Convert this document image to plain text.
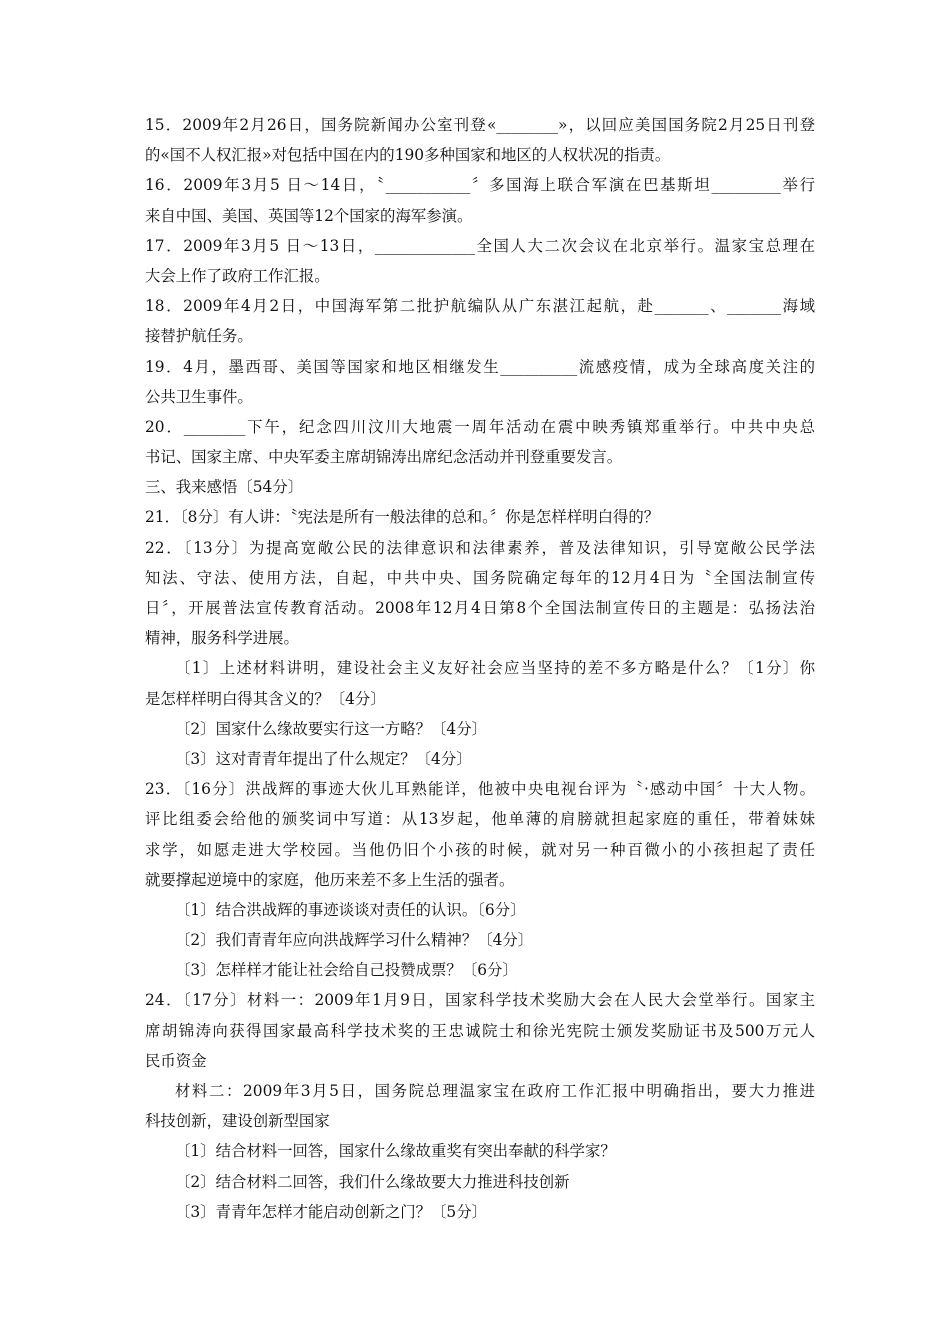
15．2009年2月26日，国务院新闻办公室刊登«________»，以回应美国国务院2月25日刊登
的«国不人权汇报»对包括中国在内的190多种国家和地区的人权状况的指责。
16．2009年3月5 日～14日，〝___________〞多国海上联合军演在巴基斯坦_________举行
来自中国、美国、英国等12个国家的海军参演。
17．2009年3月5 日～13日，_____________全国人大二次会议在北京举行。温家宝总理在
大会上作了政府工作汇报。
18．2009年4月2日，中国海军第二批护航编队从广东湛江起航，赴_______、_______海域
接替护航任务。
19．4月，墨西哥、美国等国家和地区相继发生__________流感疫情，成为全球高度关注的
公共卫生事件。
20．________下午，纪念四川汶川大地震一周年活动在震中映秀镇郑重举行。中共中央总
书记、国家主席、中央军委主席胡锦涛出席纪念活动并刊登重要发言。
三、我来感悟〔54分〕
21．〔8分〕有人讲：〝宪法是所有一般法律的总和。〞你是怎样样明白得的？
22．〔13分〕为提高宽敞公民的法律意识和法律素养，普及法律知识，引导宽敞公民学法
知法、守法、使用方法，自起，中共中央、国务院确定每年的12月4日为〝全国法制宣传
日〞，开展普法宣传教育活动。2008年12月4日第8个全国法制宣传日的主题是：弘扬法治
精神，服务科学进展。
〔1〕上述材料讲明，建设社会主义友好社会应当坚持的差不多方略是什么？〔1分〕你
是怎样样明白得其含义的？〔4分〕
〔2〕国家什么缘故要实行这一方略？〔4分〕
〔3〕这对青青年提出了什么规定？〔4分〕
23．〔16分〕洪战辉的事迹大伙儿耳熟能详，他被中央电视台评为〝·感动中国〞十大人物。
评比组委会给他的颁奖词中写道：从13岁起，他单薄的肩膀就担起家庭的重任，带着妹妹
求学，如愿走进大学校园。当他仍旧个小孩的时候，就对另一种百微小的小孩担起了责任
就要撑起逆境中的家庭，他历来差不多上生活的强者。
〔1〕结合洪战辉的事迹谈谈对责任的认识。〔6分〕
〔2〕我们青青年应向洪战辉学习什么精神？〔4分〕
〔3〕怎样样才能让社会给自己投赞成票？〔6分〕
24．〔17分〕材料一：2009年1月9日，国家科学技术奖励大会在人民大会堂举行。国家主
席胡锦涛向获得国家最高科学技术奖的王忠诚院士和徐光宪院士颁发奖励证书及500万元人
民币资金
材料二：2009年3月5日，国务院总理温家宝在政府工作汇报中明确指出，要大力推进
科技创新，建设创新型国家
〔1〕结合材料一回答，国家什么缘故重奖有突出奉献的科学家？
〔2〕结合材料二回答，我们什么缘故要大力推进科技创新
〔3〕青青年怎样才能启动创新之门？〔5分〕
